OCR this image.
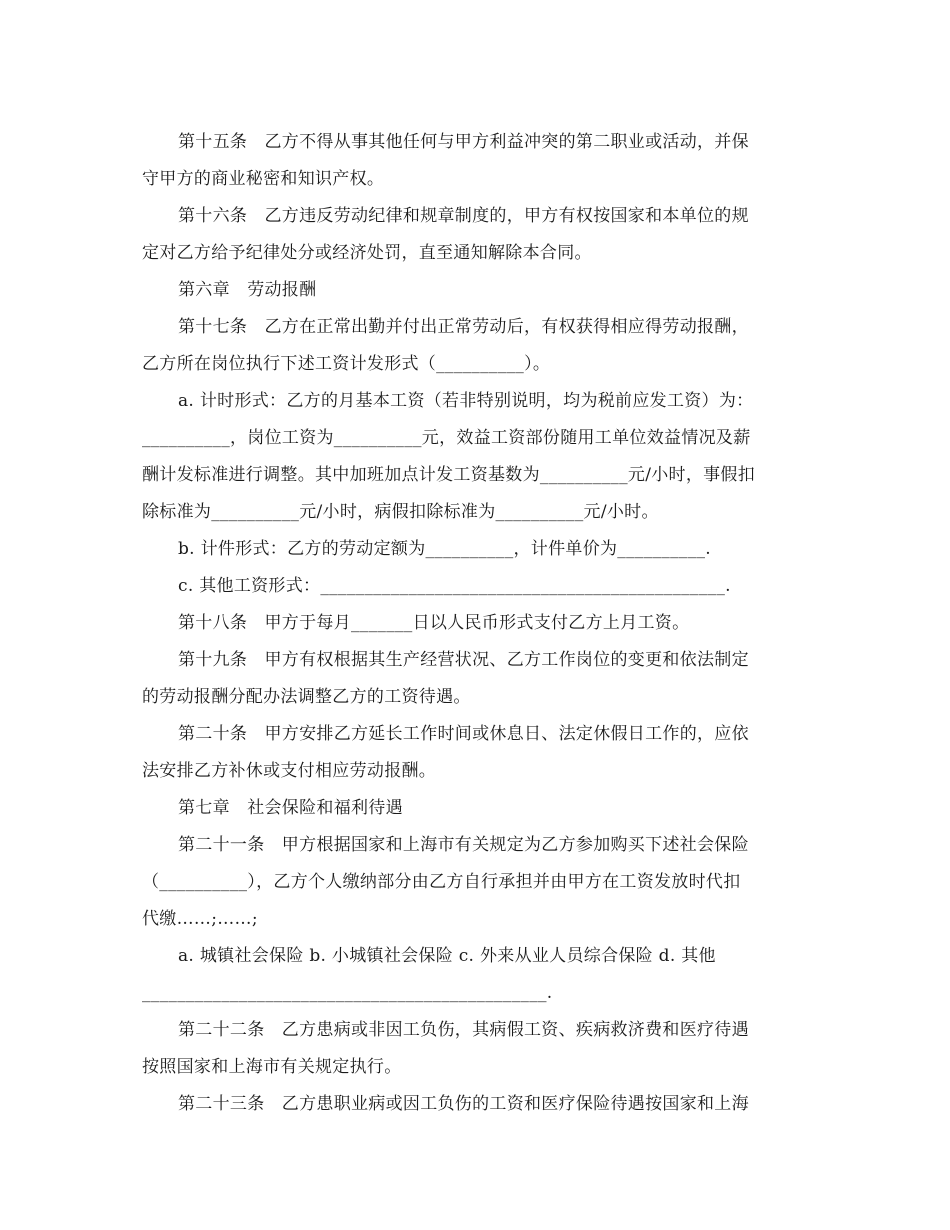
第十五条　乙方不得从事其他任何与甲方利益冲突的第二职业或活动，并保

守甲方的商业秘密和知识产权。

第十六条　乙方违反劳动纪律和规章制度的，甲方有权按国家和本单位的规

定对乙方给予纪律处分或经济处罚，直至通知解除本合同。

第六章　劳动报酬

第十七条　乙方在正常出勤并付出正常劳动后，有权获得相应得劳动报酬，

乙方所在岗位执行下述工资计发形式（__________）。

a. 计时形式：乙方的月基本工资（若非特别说明，均为税前应发工资）为：

__________，岗位工资为__________元，效益工资部份随用工单位效益情况及薪

酬计发标准进行调整。其中加班加点计发工资基数为__________元/小时，事假扣

除标准为__________元/小时，病假扣除标准为__________元/小时。

b. 计件形式：乙方的劳动定额为__________，计件单价为__________.

c. 其他工资形式：______________________________________________.

第十八条　甲方于每月_______日以人民币形式支付乙方上月工资。

第十九条　甲方有权根据其生产经营状况、乙方工作岗位的变更和依法制定

的劳动报酬分配办法调整乙方的工资待遇。

第二十条　甲方安排乙方延长工作时间或休息日、法定休假日工作的，应依

法安排乙方补休或支付相应劳动报酬。

第七章　社会保险和福利待遇

第二十一条　甲方根据国家和上海市有关规定为乙方参加购买下述社会保险

（__________），乙方个人缴纳部分由乙方自行承担并由甲方在工资发放时代扣

代缴……;……;

a. 城镇社会保险 b. 小城镇社会保险 c. 外来从业人员综合保险 d. 其他

______________________________________________.

第二十二条　乙方患病或非因工负伤，其病假工资、疾病救济费和医疗待遇

按照国家和上海市有关规定执行。

第二十三条　乙方患职业病或因工负伤的工资和医疗保险待遇按国家和上海
